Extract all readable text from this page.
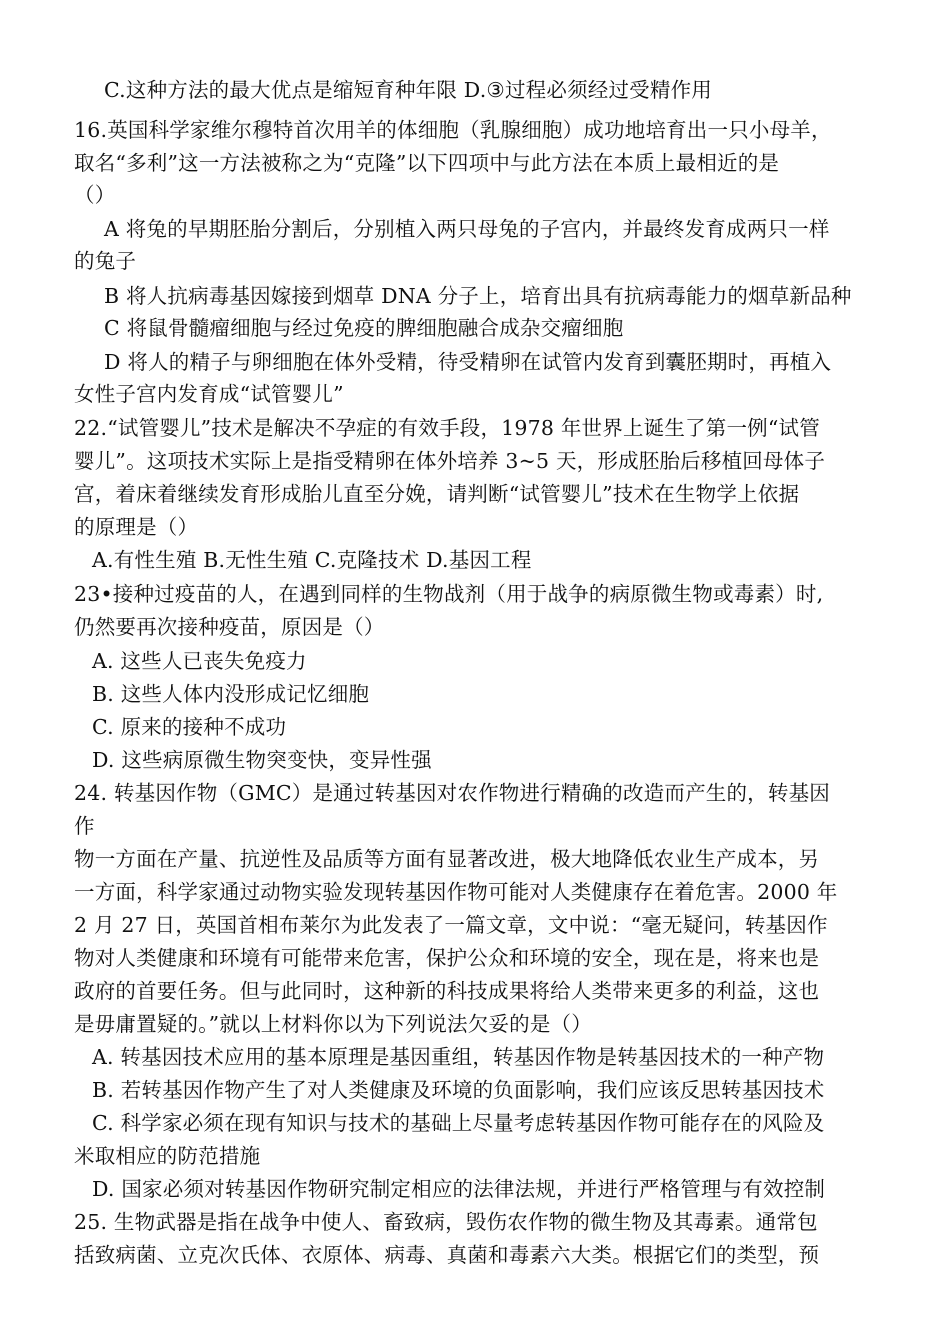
C.这种方法的最大优点是缩短育种年限 D.③过程必须经过受精作用
16.英国科学家维尔穆特首次用羊的体细胞（乳腺细胞）成功地培育出一只小母羊，
取名“多利”这一方法被称之为“克隆”以下四项中与此方法在本质上最相近的是
（）
A 将兔的早期胚胎分割后，分别植入两只母兔的子宫内，并最终发育成两只一样
的兔子
B 将人抗病毒基因嫁接到烟草 DNA 分子上，培育出具有抗病毒能力的烟草新品种
C 将鼠骨髓瘤细胞与经过免疫的脾细胞融合成杂交瘤细胞
D 将人的精子与卵细胞在体外受精，待受精卵在试管内发育到囊胚期时，再植入
女性子宫内发育成“试管婴儿”
22.“试管婴儿”技术是解决不孕症的有效手段，1978 年世界上诞生了第一例“试管
婴儿”。这项技术实际上是指受精卵在体外培养 3~5 天，形成胚胎后移植回母体子
宫，着床着继续发育形成胎儿直至分娩，请判断“试管婴儿”技术在生物学上依据
的原理是（）
A.有性生殖 B.无性生殖 C.克隆技术 D.基因工程
23•接种过疫苗的人，在遇到同样的生物战剂（用于战争的病原微生物或毒素）时,
仍然要再次接种疫苗，原因是（）
A. 这些人已丧失免疫力
B. 这些人体内没形成记忆细胞
C. 原来的接种不成功
D. 这些病原微生物突变快，变异性强
24. 转基因作物（GMC）是通过转基因对农作物进行精确的改造而产生的，转基因
作
物一方面在产量、抗逆性及品质等方面有显著改进，极大地降低农业生产成本，另
一方面，科学家通过动物实验发现转基因作物可能对人类健康存在着危害。2000 年
2 月 27 日，英国首相布莱尔为此发表了一篇文章，文中说：“毫无疑问，转基因作
物对人类健康和环境有可能带来危害，保护公众和环境的安全，现在是，将来也是
政府的首要任务。但与此同时，这种新的科技成果将给人类带来更多的利益，这也
是毋庸置疑的。”就以上材料你以为下列说法欠妥的是（）
A. 转基因技术应用的基本原理是基因重组，转基因作物是转基因技术的一种产物
B. 若转基因作物产生了对人类健康及环境的负面影响，我们应该反思转基因技术
C. 科学家必须在现有知识与技术的基础上尽量考虑转基因作物可能存在的风险及
米取相应的防范措施
D. 国家必须对转基因作物研究制定相应的法律法规，并进行严格管理与有效控制
25. 生物武器是指在战争中使人、畜致病，毁伤农作物的微生物及其毒素。通常包
括致病菌、立克次氏体、衣原体、病毒、真菌和毒素六大类。根据它们的类型，预
